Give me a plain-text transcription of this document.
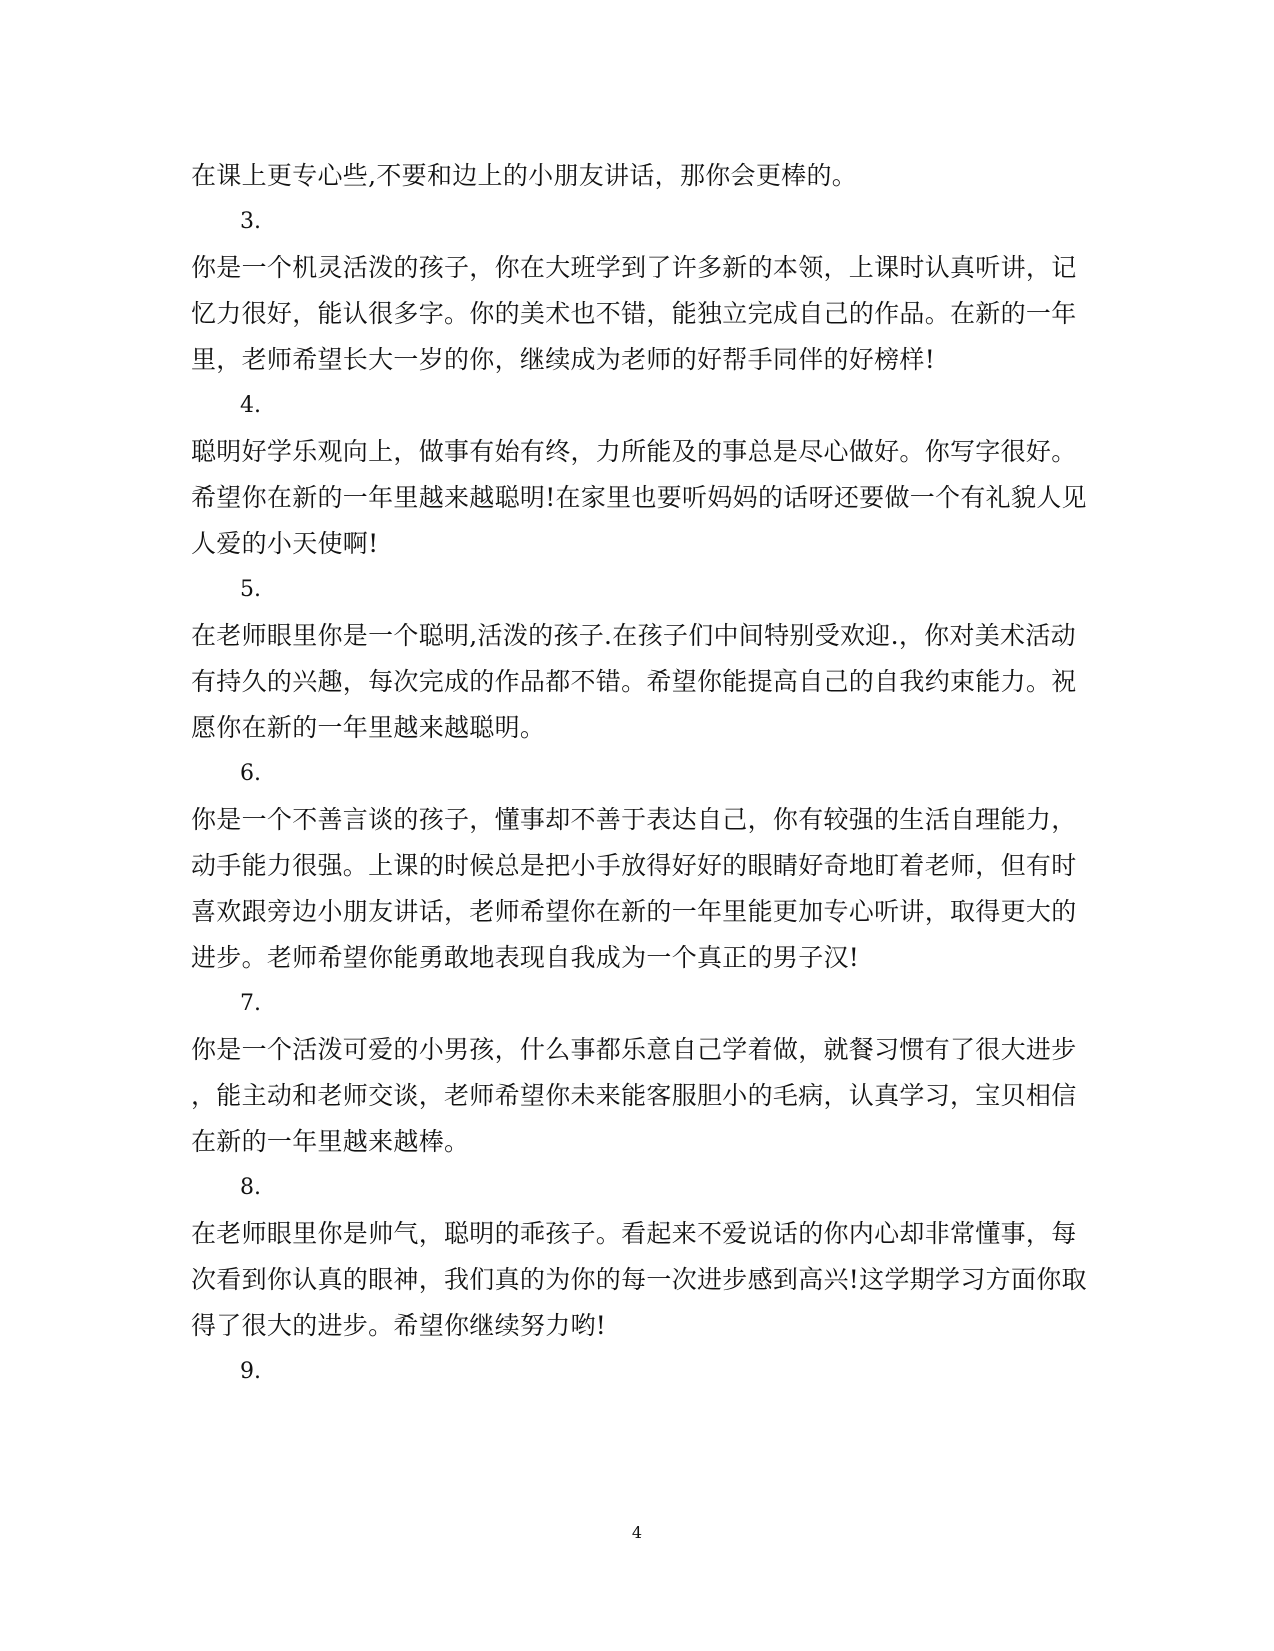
在课上更专心些,不要和边上的小朋友讲话，那你会更棒的。
3.
你是一个机灵活泼的孩子，你在大班学到了许多新的本领，上课时认真听讲，记
忆力很好，能认很多字。你的美术也不错，能独立完成自己的作品。在新的一年
里，老师希望长大一岁的你，继续成为老师的好帮手同伴的好榜样!
4.
聪明好学乐观向上，做事有始有终，力所能及的事总是尽心做好。你写字很好。
希望你在新的一年里越来越聪明!在家里也要听妈妈的话呀还要做一个有礼貌人见
人爱的小天使啊!
5.
在老师眼里你是一个聪明,活泼的孩子.在孩子们中间特别受欢迎.，你对美术活动
有持久的兴趣，每次完成的作品都不错。希望你能提高自己的自我约束能力。祝
愿你在新的一年里越来越聪明。
6.
你是一个不善言谈的孩子，懂事却不善于表达自己，你有较强的生活自理能力，
动手能力很强。上课的时候总是把小手放得好好的眼睛好奇地盯着老师，但有时
喜欢跟旁边小朋友讲话，老师希望你在新的一年里能更加专心听讲，取得更大的
进步。老师希望你能勇敢地表现自我成为一个真正的男子汉!
7.
你是一个活泼可爱的小男孩，什么事都乐意自己学着做，就餐习惯有了很大进步
，能主动和老师交谈，老师希望你未来能客服胆小的毛病，认真学习，宝贝相信
在新的一年里越来越棒。
8.
在老师眼里你是帅气，聪明的乖孩子。看起来不爱说话的你内心却非常懂事，每
次看到你认真的眼神，我们真的为你的每一次进步感到高兴!这学期学习方面你取
得了很大的进步。希望你继续努力哟!
9.
4
